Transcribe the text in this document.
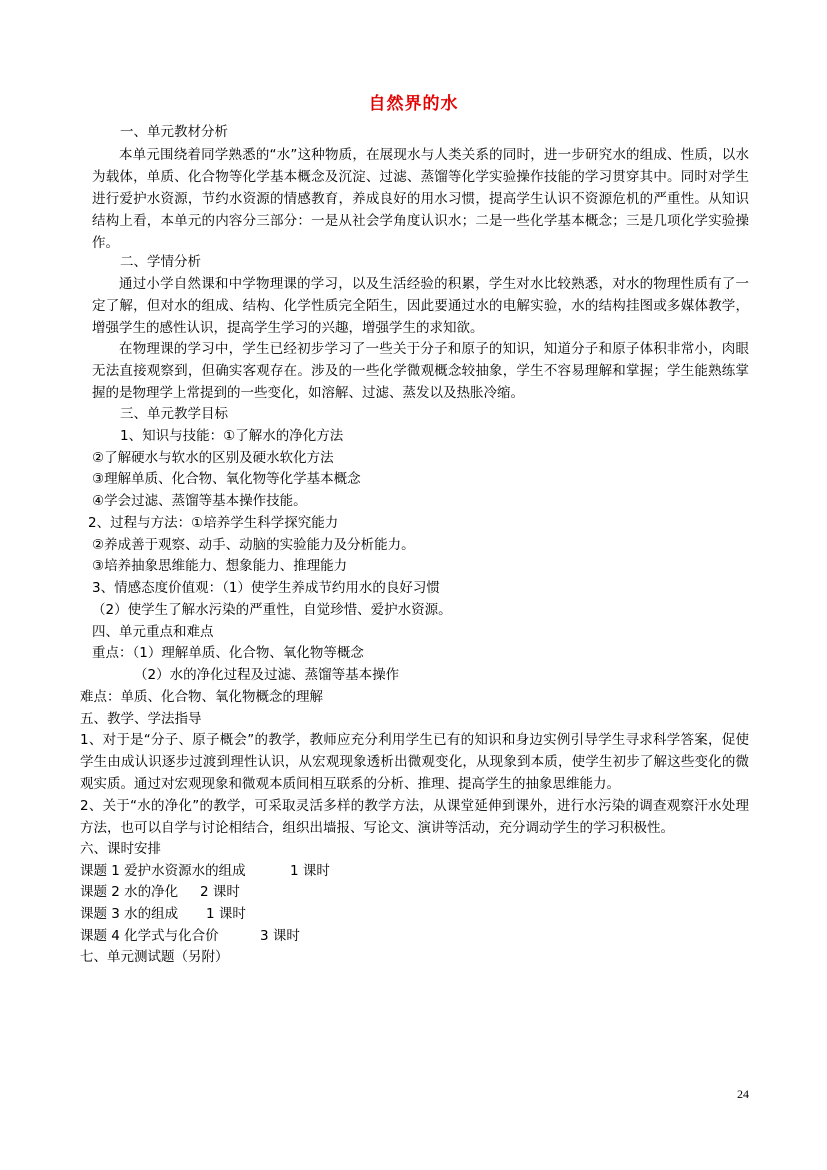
自然界的水
一、单元教材分析
本单元围绕着同学熟悉的“水”这种物质，在展现水与人类关系的同时，进一步研究水的组成、性质，以水为载体，单质、化合物等化学基本概念及沉淀、过滤、蒸馏等化学实验操作技能的学习贯穿其中。同时对学生进行爱护水资源，节约水资源的情感教育，养成良好的用水习惯，提高学生认识不资源危机的严重性。从知识结构上看，本单元的内容分三部分：一是从社会学角度认识水；二是一些化学基本概念；三是几项化学实验操作。
二、学情分析
通过小学自然课和中学物理课的学习，以及生活经验的积累，学生对水比较熟悉，对水的物理性质有了一定了解，但对水的组成、结构、化学性质完全陌生，因此要通过水的电解实验，水的结构挂图或多媒体教学，增强学生的感性认识，提高学生学习的兴趣，增强学生的求知欲。
在物理课的学习中，学生已经初步学习了一些关于分子和原子的知识，知道分子和原子体积非常小，肉眼无法直接观察到，但确实客观存在。涉及的一些化学微观概念较抽象，学生不容易理解和掌握；学生能熟练掌握的是物理学上常提到的一些变化，如溶解、过滤、蒸发以及热胀冷缩。
三、单元教学目标
1、知识与技能：①了解水的净化方法
②了解硬水与软水的区别及硬水软化方法
③理解单质、化合物、氧化物等化学基本概念
④学会过滤、蒸馏等基本操作技能。
2、过程与方法：①培养学生科学探究能力
②养成善于观察、动手、动脑的实验能力及分析能力。
③培养抽象思维能力、想象能力、推理能力
3、情感态度价值观：（1）使学生养成节约用水的良好习惯
（2）使学生了解水污染的严重性，自觉珍惜、爱护水资源。
四、单元重点和难点
重点：（1）理解单质、化合物、氧化物等概念
（2）水的净化过程及过滤、蒸馏等基本操作
难点：单质、化合物、氧化物概念的理解
五、教学、学法指导
1、对于是“分子、原子概会”的教学，教师应充分利用学生已有的知识和身边实例引导学生寻求科学答案，促使学生由成认识逐步过渡到理性认识，从宏观现象透析出微观变化，从现象到本质，使学生初步了解这些变化的微观实质。通过对宏观现象和微观本质间相互联系的分析、推理、提高学生的抽象思维能力。
2、关于“水的净化”的教学，可采取灵活多样的教学方法，从课堂延伸到课外，进行水污染的调查观察汗水处理方法，也可以自学与讨论相结合，组织出墙报、写论文、演讲等活动，充分调动学生的学习积极性。
六、课时安排
课题 1 爱护水资源水的组成	1 课时
课题 2 水的净化 2 课时
课题 3 水的组成 1 课时
课题 4 化学式与化合价	3 课时
七、单元测试题（另附）
24
